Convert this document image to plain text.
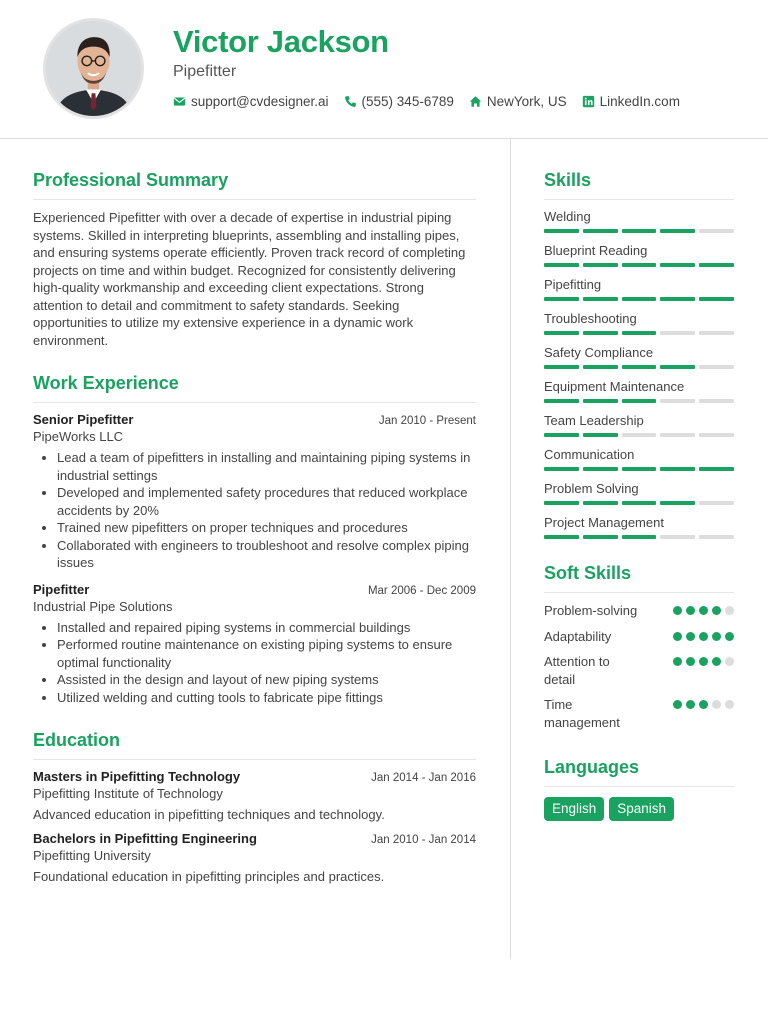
Victor Jackson
Pipefitter
support@cvdesigner.ai (555) 345-6789 NewYork, US LinkedIn.com
Professional Summary

Experienced Pipefitter with over a decade of expertise in industrial piping systems. Skilled in interpreting blueprints, assembling and installing pipes, and ensuring systems operate efficiently. Proven track record of completing projects on time and within budget. Recognized for consistently delivering high-quality workmanship and exceeding client expectations. Strong attention to detail and commitment to safety standards. Seeking opportunities to utilize my extensive experience in a dynamic work environment.

Work Experience
Senior Pipefitter	Jan 2010 - Present
PipeWorks LLC
Lead a team of pipefitters in installing and maintaining piping systems in industrial settings
Developed and implemented safety procedures that reduced workplace accidents by 20%
Trained new pipefitters on proper techniques and procedures
Collaborated with engineers to troubleshoot and resolve complex piping issues
Pipefitter	Mar 2006 - Dec 2009
Industrial Pipe Solutions
Installed and repaired piping systems in commercial buildings
Performed routine maintenance on existing piping systems to ensure optimal functionality
Assisted in the design and layout of new piping systems
Utilized welding and cutting tools to fabricate pipe fittings
Education
Masters in Pipefitting Technology	Jan 2014 - Jan 2016
Pipefitting Institute of Technology
Advanced education in pipefitting techniques and technology.
Bachelors in Pipefitting Engineering	Jan 2010 - Jan 2014
Pipefitting University
Foundational education in pipefitting principles and practices.
Skills
Welding
Blueprint Reading
Pipefitting
Troubleshooting
Safety Compliance
Equipment Maintenance
Team Leadership
Communication
Problem Solving
Project Management
Soft Skills
Problem-solving
Adaptability
Attention to detail
Time management
Languages
English	Spanish
